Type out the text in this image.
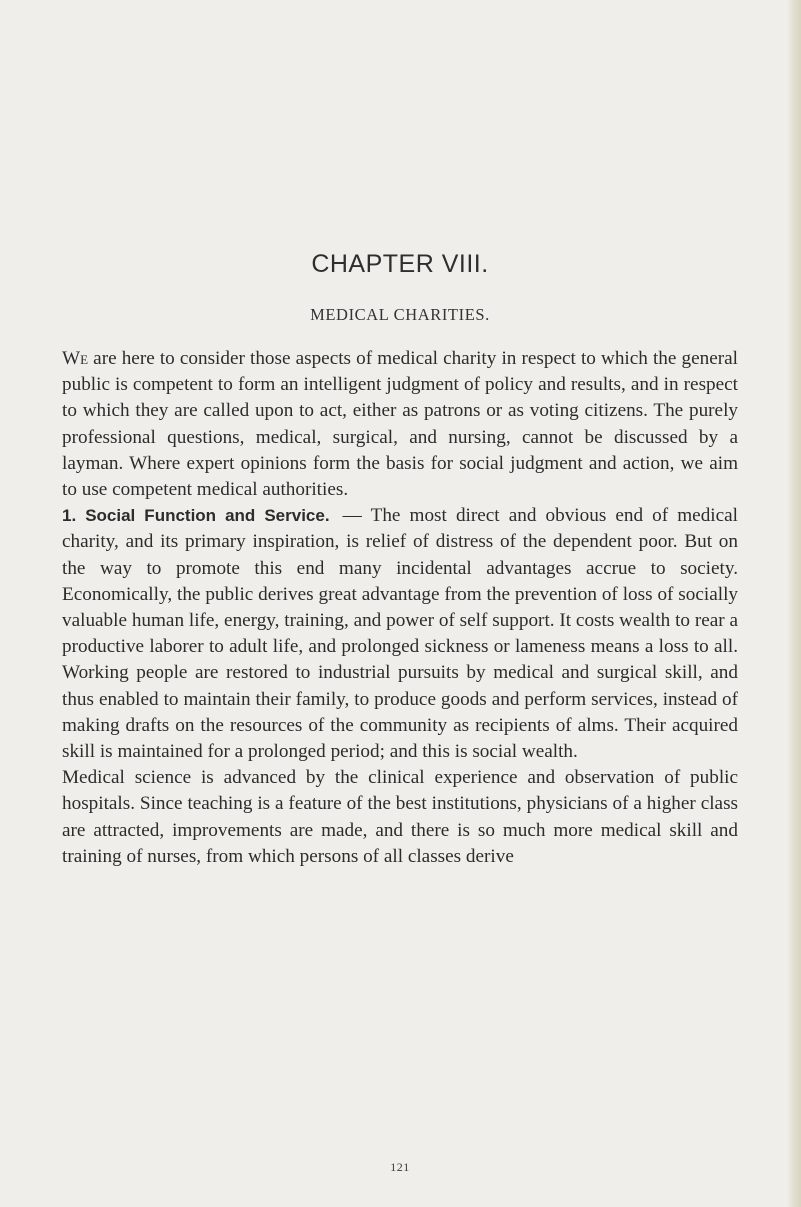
CHAPTER VIII.
MEDICAL CHARITIES.

We are here to consider those aspects of medical charity in respect to which the general public is competent to form an intelligent judgment of policy and results, and in respect to which they are called upon to act, either as patrons or as voting citizens. The purely professional questions, medical, surgical, and nursing, cannot be discussed by a layman. Where expert opinions form the basis for social judgment and action, we aim to use competent medical authorities.

1. Social Function and Service. — The most direct and obvious end of medical charity, and its primary inspiration, is relief of distress of the dependent poor. But on the way to promote this end many incidental advantages accrue to society. Economically, the public derives great advantage from the prevention of loss of socially valuable human life, energy, training, and power of self support. It costs wealth to rear a productive laborer to adult life, and prolonged sickness or lameness means a loss to all. Working people are restored to industrial pursuits by medical and surgical skill, and thus enabled to maintain their family, to produce goods and perform services, instead of making drafts on the resources of the community as recipients of alms. Their acquired skill is maintained for a prolonged period; and this is social wealth.

Medical science is advanced by the clinical experience and observation of public hospitals. Since teaching is a feature of the best institutions, physicians of a higher class are attracted, improvements are made, and there is so much more medical skill and training of nurses, from which persons of all classes derive

121
